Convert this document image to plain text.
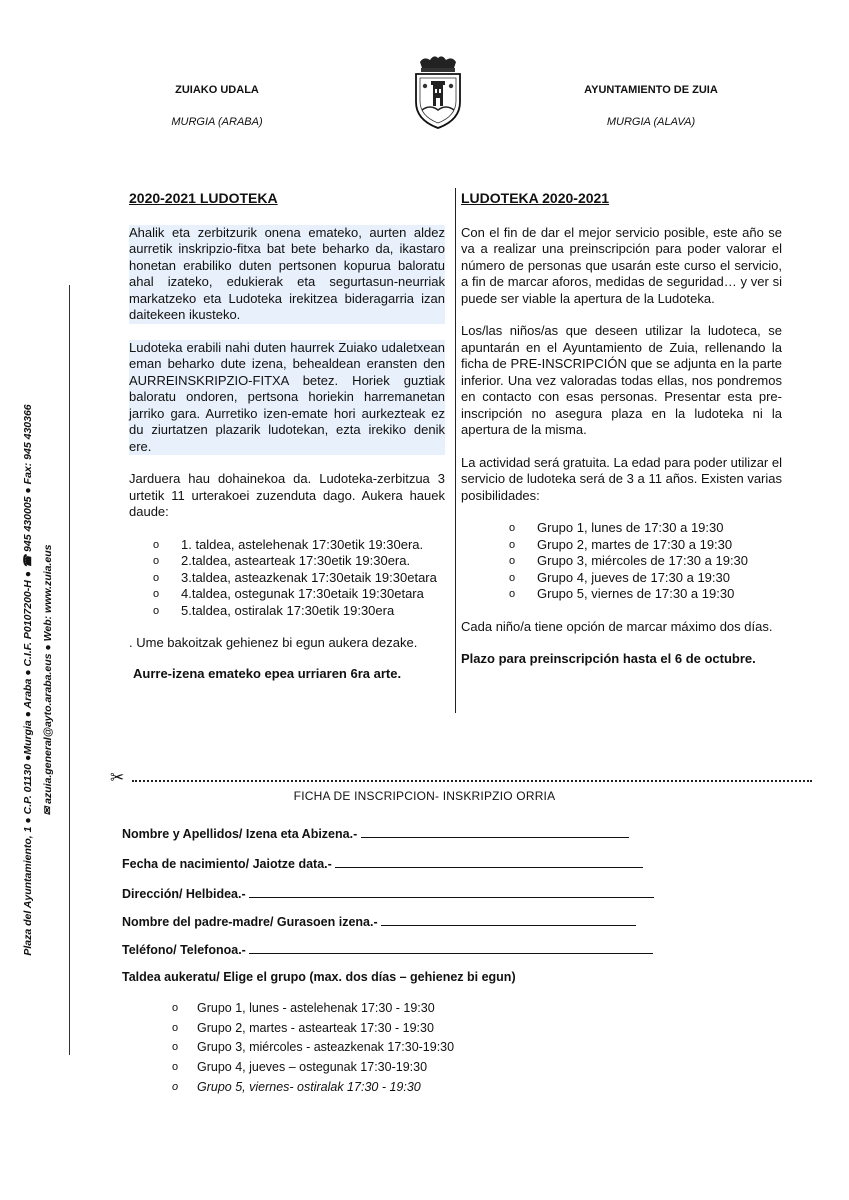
ZUIAKO UDALA
MURGIA (ARABA)
AYUNTAMIENTO DE ZUIA
MURGIA (ALAVA)
Plaza del Ayuntamiento, 1 ● C.P. 01130 ●Murgia ● Araba ● C.I.F. P0107200-H ● ☎ 945 430005 ● Fax: 945 430366 ✉ azuia.general@ayto.araba.eus ● Web: www.zuia.eus
2020-2021 LUDOTEKA

Ahalik eta zerbitzurik onena emateko, aurten aldez aurretik inskripzio-fitxa bat bete beharko da, ikastaro honetan erabiliko duten pertsonen kopurua baloratu ahal izateko, edukierak eta segurtasun-neurriak markatzeko eta Ludoteka irekitzea bideragarria izan daitekeen ikusteko.

Ludoteka erabili nahi duten haurrek Zuiako udaletxean eman beharko dute izena, behealdean eransten den AURREINSKRIPZIO-FITXA betez. Horiek guztiak baloratu ondoren, pertsona horiekin harremanetan jarriko gara. Aurretiko izen-emate hori aurkezteak ez du ziurtatzen plazarik ludotekan, ezta irekiko denik ere.

Jarduera hau dohainekoa da. Ludoteka-zerbitzua 3 urtetik 11 urterakoei zuzenduta dago. Aukera hauek daude:

o 1. taldea, astelehenak 17:30etik 19:30era.
o 2.taldea, astearteak 17:30etik 19:30era.
o 3.taldea, asteazkenak 17:30etaik 19:30etara
o 4.taldea, ostegunak 17:30etaik 19:30etara
o 5.taldea, ostiralak 17:30etik 19:30era

. Ume bakoitzak gehienez bi egun aukera dezake.

Aurre-izena emateko epea urriaren 6ra arte.

LUDOTEKA 2020-2021

Con el fin de dar el mejor servicio posible, este año se va a realizar una preinscripción para poder valorar el número de personas que usarán este curso el servicio, a fin de marcar aforos, medidas de seguridad… y ver si puede ser viable la apertura de la Ludoteka.

Los/las niños/as que deseen utilizar la ludoteca, se apuntarán en el Ayuntamiento de Zuia, rellenando la ficha de PRE-INSCRIPCIÓN que se adjunta en la parte inferior. Una vez valoradas todas ellas, nos pondremos en contacto con esas personas. Presentar esta pre-inscripción no asegura plaza en la ludoteka ni la apertura de la misma.

La actividad será gratuita. La edad para poder utilizar el servicio de ludoteka será de 3 a 11 años. Existen varias posibilidades:

o Grupo 1, lunes de 17:30 a 19:30
o Grupo 2, martes de 17:30 a 19:30
o Grupo 3, miércoles de 17:30 a 19:30
o Grupo 4, jueves de 17:30 a 19:30
o Grupo 5, viernes de 17:30 a 19:30

Cada niño/a tiene opción de marcar máximo dos días.

Plazo para preinscripción hasta el 6 de octubre.

✂
FICHA DE INSCRIPCION- INSKRIPZIO ORRIA
Nombre y Apellidos/ Izena eta Abizena.-
Fecha de nacimiento/ Jaiotze data.-
Dirección/ Helbidea.-
Nombre del padre-madre/ Gurasoen izena.-
Teléfono/ Telefonoa.-
Taldea aukeratu/ Elige el grupo (max. dos días – gehienez bi egun)
o Grupo 1, lunes - astelehenak 17:30 - 19:30
o Grupo 2, martes - astearteak 17:30 - 19:30
o Grupo 3, miércoles - asteazkenak 17:30-19:30
o Grupo 4, jueves – ostegunak 17:30-19:30
o Grupo 5, viernes- ostiralak 17:30 - 19:30
